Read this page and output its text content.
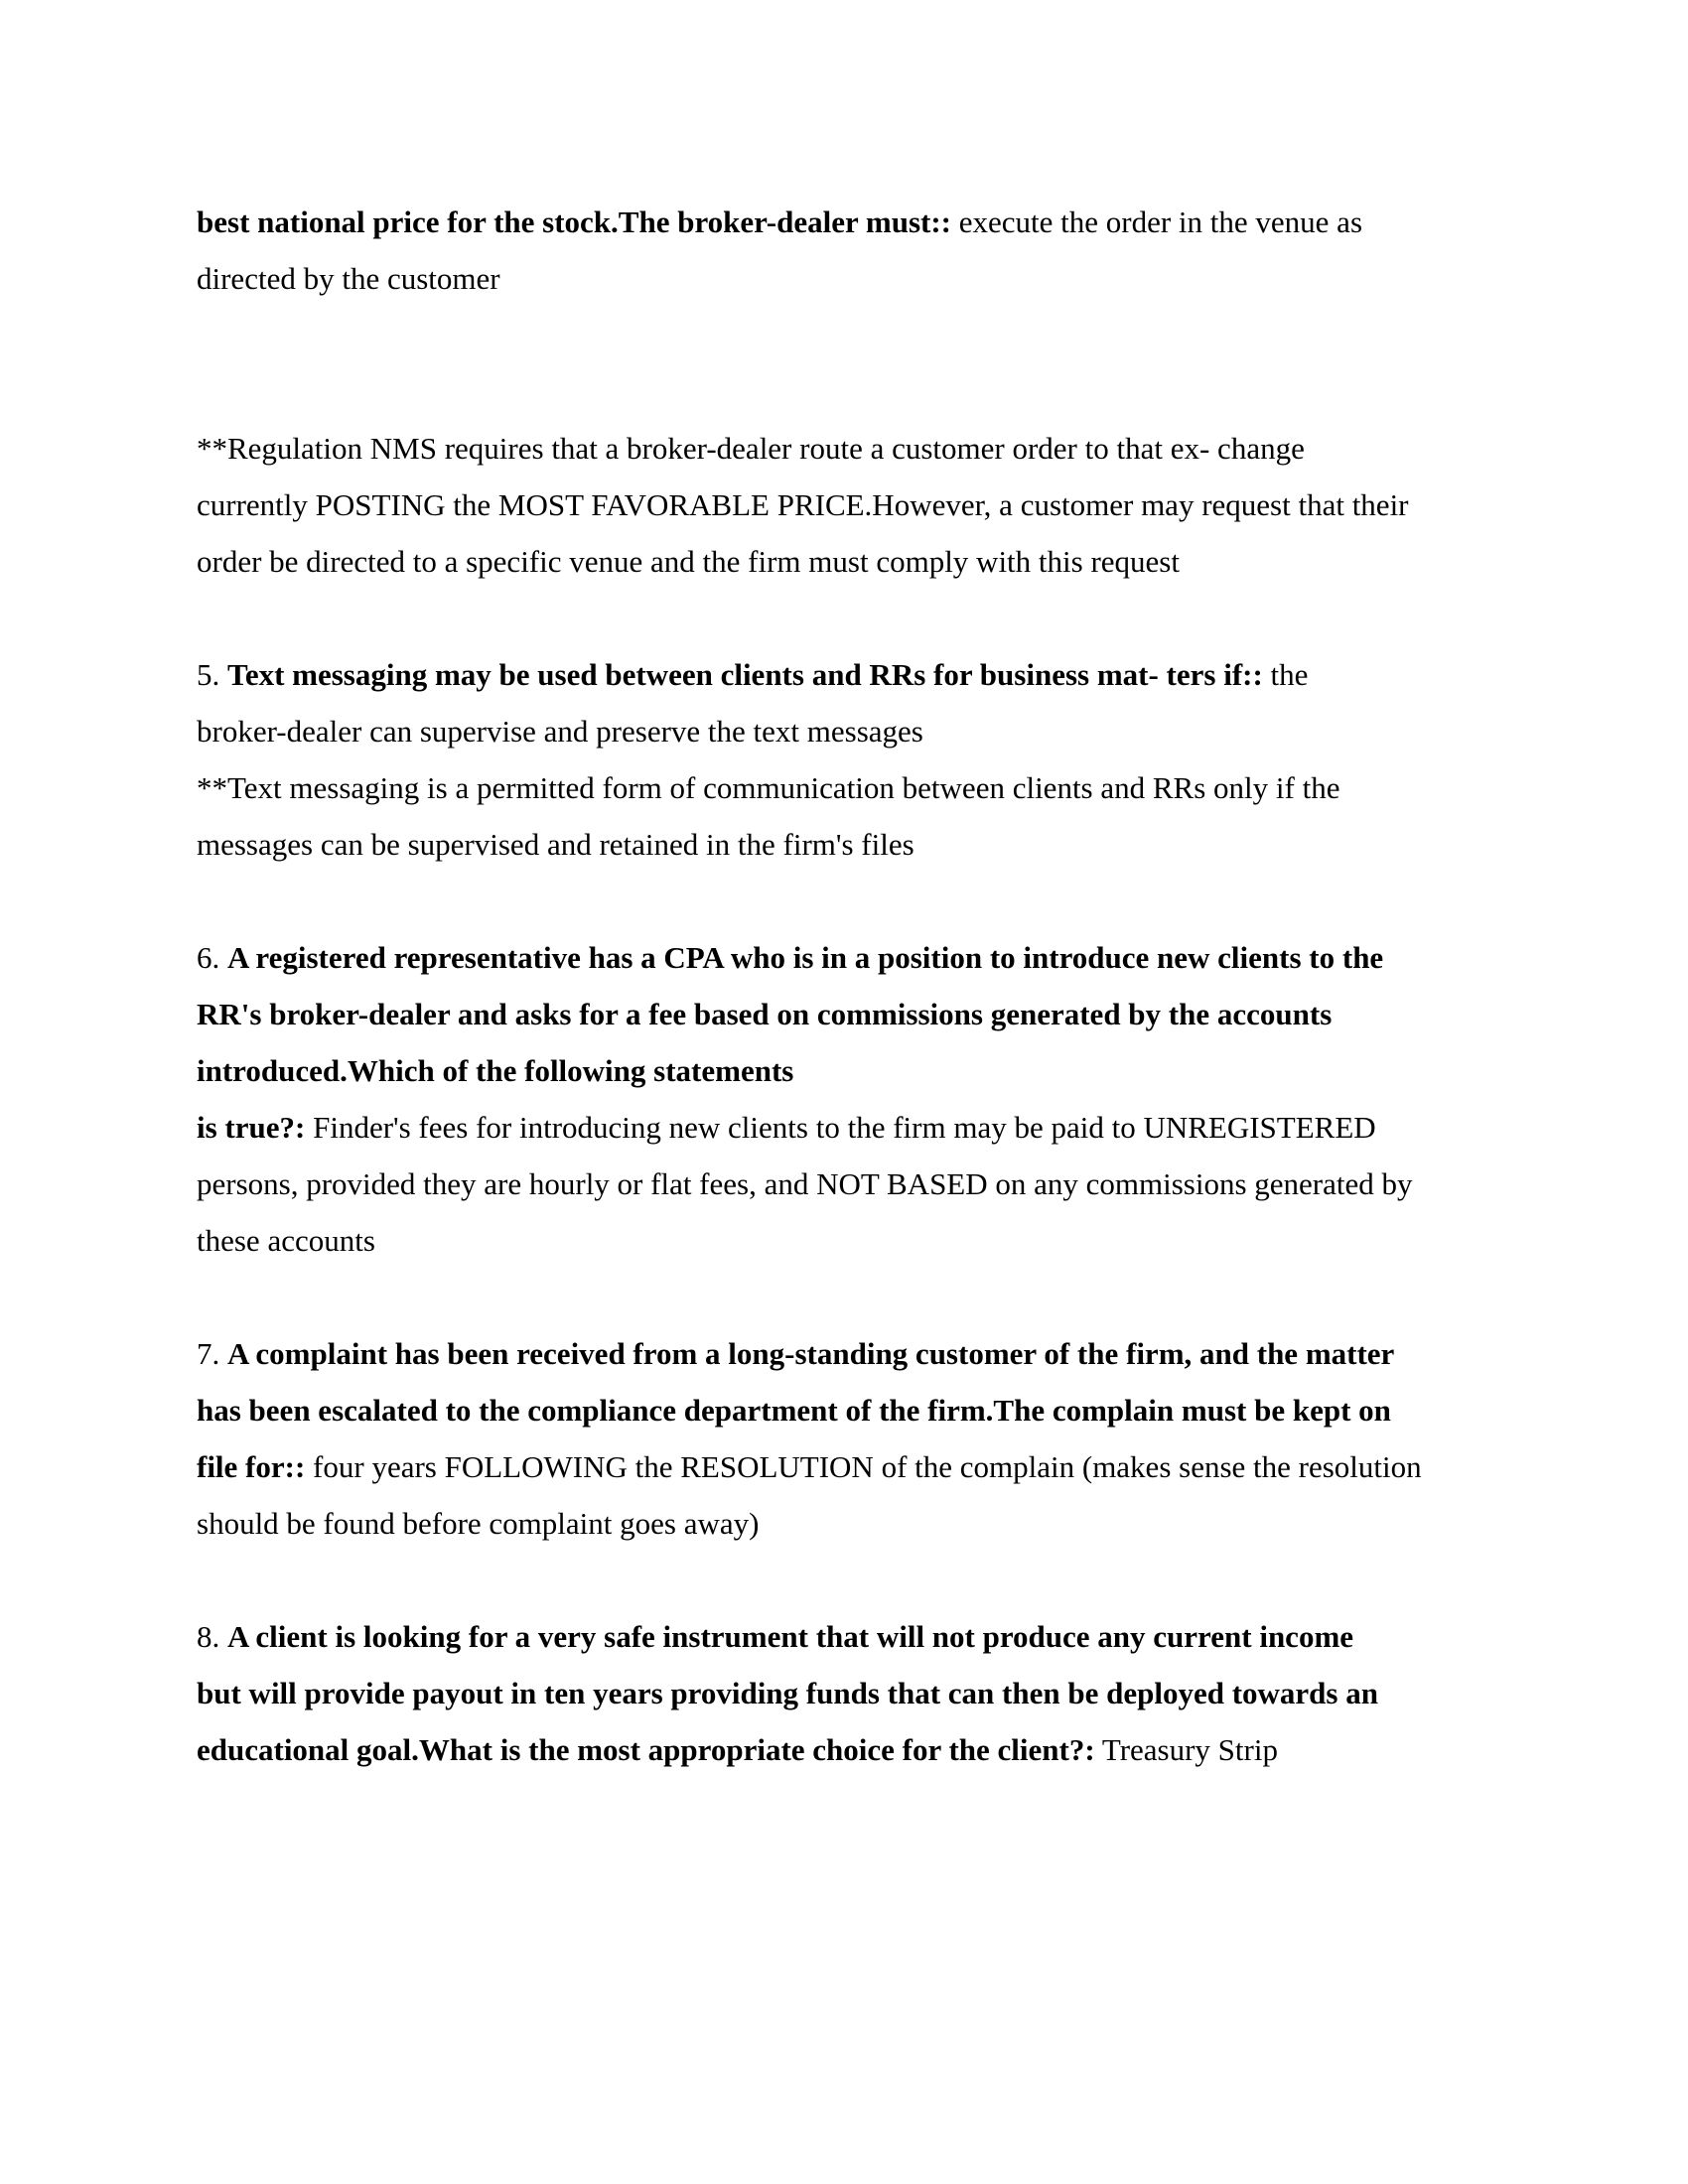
best national price for the stock.The broker-dealer must:: execute the order in the venue as
directed by the customer
**Regulation NMS requires that a broker-dealer route a customer order to that ex- change
currently POSTING the MOST FAVORABLE PRICE.However, a customer may request that their
order be directed to a specific venue and the firm must comply with this request
5. Text messaging may be used between clients and RRs for business mat- ters if:: the
broker-dealer can supervise and preserve the text messages
**Text messaging is a permitted form of communication between clients and RRs only if the
messages can be supervised and retained in the firm's files
6. A registered representative has a CPA who is in a position to introduce new clients to the
RR's broker-dealer and asks for a fee based on commissions generated by the accounts
introduced.Which of the following statements
is true?: Finder's fees for introducing new clients to the firm may be paid to UNREGISTERED
persons, provided they are hourly or flat fees, and NOT BASED on any commissions generated by
these accounts
7. A complaint has been received from a long-standing customer of the firm, and the matter
has been escalated to the compliance department of the firm.The complain must be kept on
file for:: four years FOLLOWING the RESOLUTION of the complain (makes sense the resolution
should be found before complaint goes away)
8. A client is looking for a very safe instrument that will not produce any current income
but will provide payout in ten years providing funds that can then be deployed towards an
educational goal.What is the most appropriate choice for the client?: Treasury Strip
